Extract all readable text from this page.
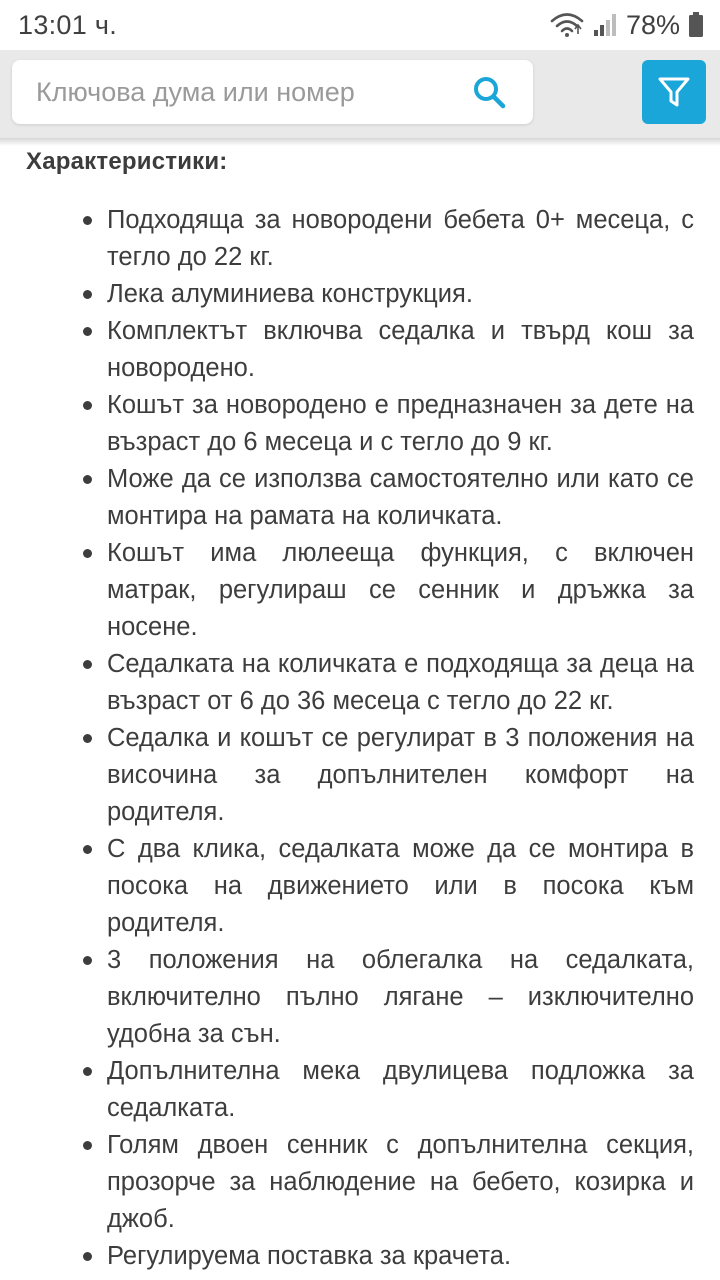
13:01 ч.	78%
Ключова дума или номер
Характеристики:
Подходяща за новородени бебета 0+ месеца, с тегло до 22 кг.
Лека алуминиева конструкция.
Комплектът включва седалка и твърд кош за новородено.
Кошът за новородено е предназначен за дете на възраст до 6 месеца и с тегло до 9 кг.
Може да се използва самостоятелно или като се монтира на рамата на количката.
Кошът има люлееща функция, с включен матрак, регулираш се сенник и дръжка за носене.
Седалката на количката е подходяща за деца на възраст от 6 до 36 месеца с тегло до 22 кг.
Седалка и кошът се регулират в 3 положения на височина за допълнителен комфорт на родителя.
С два клика, седалката може да се монтира в посока на движението или в посока към родителя.
3 положения на облегалка на седалката, включително пълно лягане – изключително удобна за сън.
Допълнителна мека двулицева подложка за седалката.
Голям двоен сенник с допълнителна секция, прозорче за наблюдение на бебето, козирка и джоб.
Регулируема поставка за крачета.
